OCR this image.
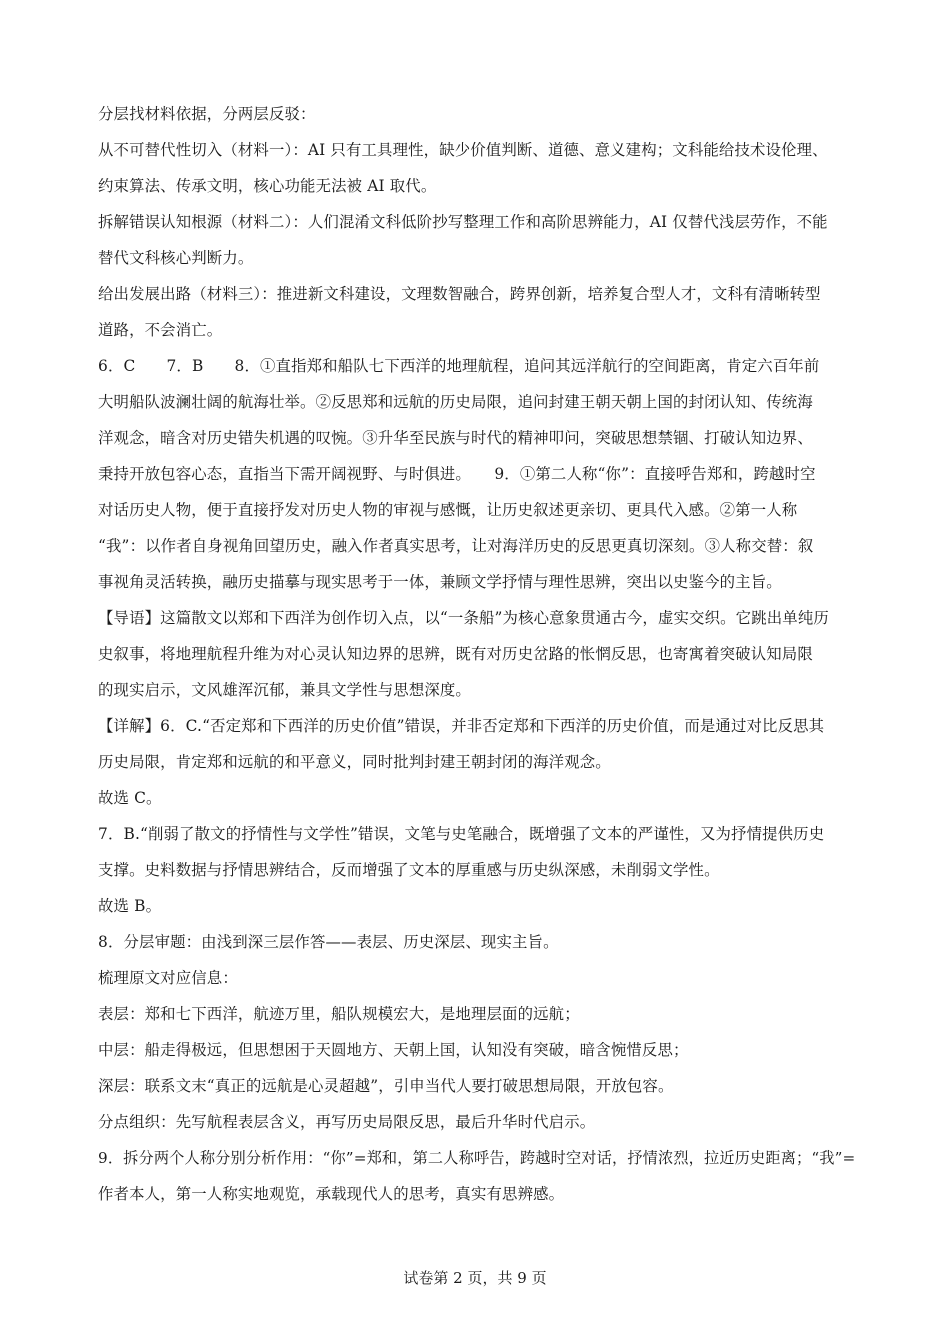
分层找材料依据，分两层反驳：

从不可替代性切入（材料一）：AI 只有工具理性，缺少价值判断、道德、意义建构；文科能给技术设伦理、

约束算法、传承文明，核心功能无法被 AI 取代。

拆解错误认知根源（材料二）：人们混淆文科低阶抄写整理工作和高阶思辨能力，AI 仅替代浅层劳作，不能

替代文科核心判断力。

给出发展出路（材料三）：推进新文科建设，文理数智融合，跨界创新，培养复合型人才，文科有清晰转型

道路，不会消亡。

6．C　　7．B　　8．①直指郑和船队七下西洋的地理航程，追问其远洋航行的空间距离，肯定六百年前

大明船队波澜壮阔的航海壮举。②反思郑和远航的历史局限，追问封建王朝天朝上国的封闭认知、传统海

洋观念，暗含对历史错失机遇的叹惋。③升华至民族与时代的精神叩问，突破思想禁锢、打破认知边界、

秉持开放包容心态，直指当下需开阔视野、与时俱进。　　9．①第二人称“你”：直接呼告郑和，跨越时空

对话历史人物，便于直接抒发对历史人物的审视与感慨，让历史叙述更亲切、更具代入感。②第一人称

“我”：以作者自身视角回望历史，融入作者真实思考，让对海洋历史的反思更真切深刻。③人称交替：叙

事视角灵活转换，融历史描摹与现实思考于一体，兼顾文学抒情与理性思辨，突出以史鉴今的主旨。

【导语】这篇散文以郑和下西洋为创作切入点，以“一条船”为核心意象贯通古今，虚实交织。它跳出单纯历

史叙事，将地理航程升维为对心灵认知边界的思辨，既有对历史岔路的怅惘反思，也寄寓着突破认知局限

的现实启示，文风雄浑沉郁，兼具文学性与思想深度。

【详解】6．C.“否定郑和下西洋的历史价值”错误，并非否定郑和下西洋的历史价值，而是通过对比反思其

历史局限，肯定郑和远航的和平意义，同时批判封建王朝封闭的海洋观念。

故选 C。

7．B.“削弱了散文的抒情性与文学性”错误，文笔与史笔融合，既增强了文本的严谨性，又为抒情提供历史

支撑。史料数据与抒情思辨结合，反而增强了文本的厚重感与历史纵深感，未削弱文学性。

故选 B。

8．分层审题：由浅到深三层作答——表层、历史深层、现实主旨。

梳理原文对应信息：

表层：郑和七下西洋，航迹万里，船队规模宏大，是地理层面的远航；

中层：船走得极远，但思想困于天圆地方、天朝上国，认知没有突破，暗含惋惜反思；

深层：联系文末“真正的远航是心灵超越”，引申当代人要打破思想局限，开放包容。

分点组织：先写航程表层含义，再写历史局限反思，最后升华时代启示。

9．拆分两个人称分别分析作用：“你”=郑和，第二人称呼告，跨越时空对话，抒情浓烈，拉近历史距离；“我”=

作者本人，第一人称实地观览，承载现代人的思考，真实有思辨感。

试卷第 2 页，共 9 页
